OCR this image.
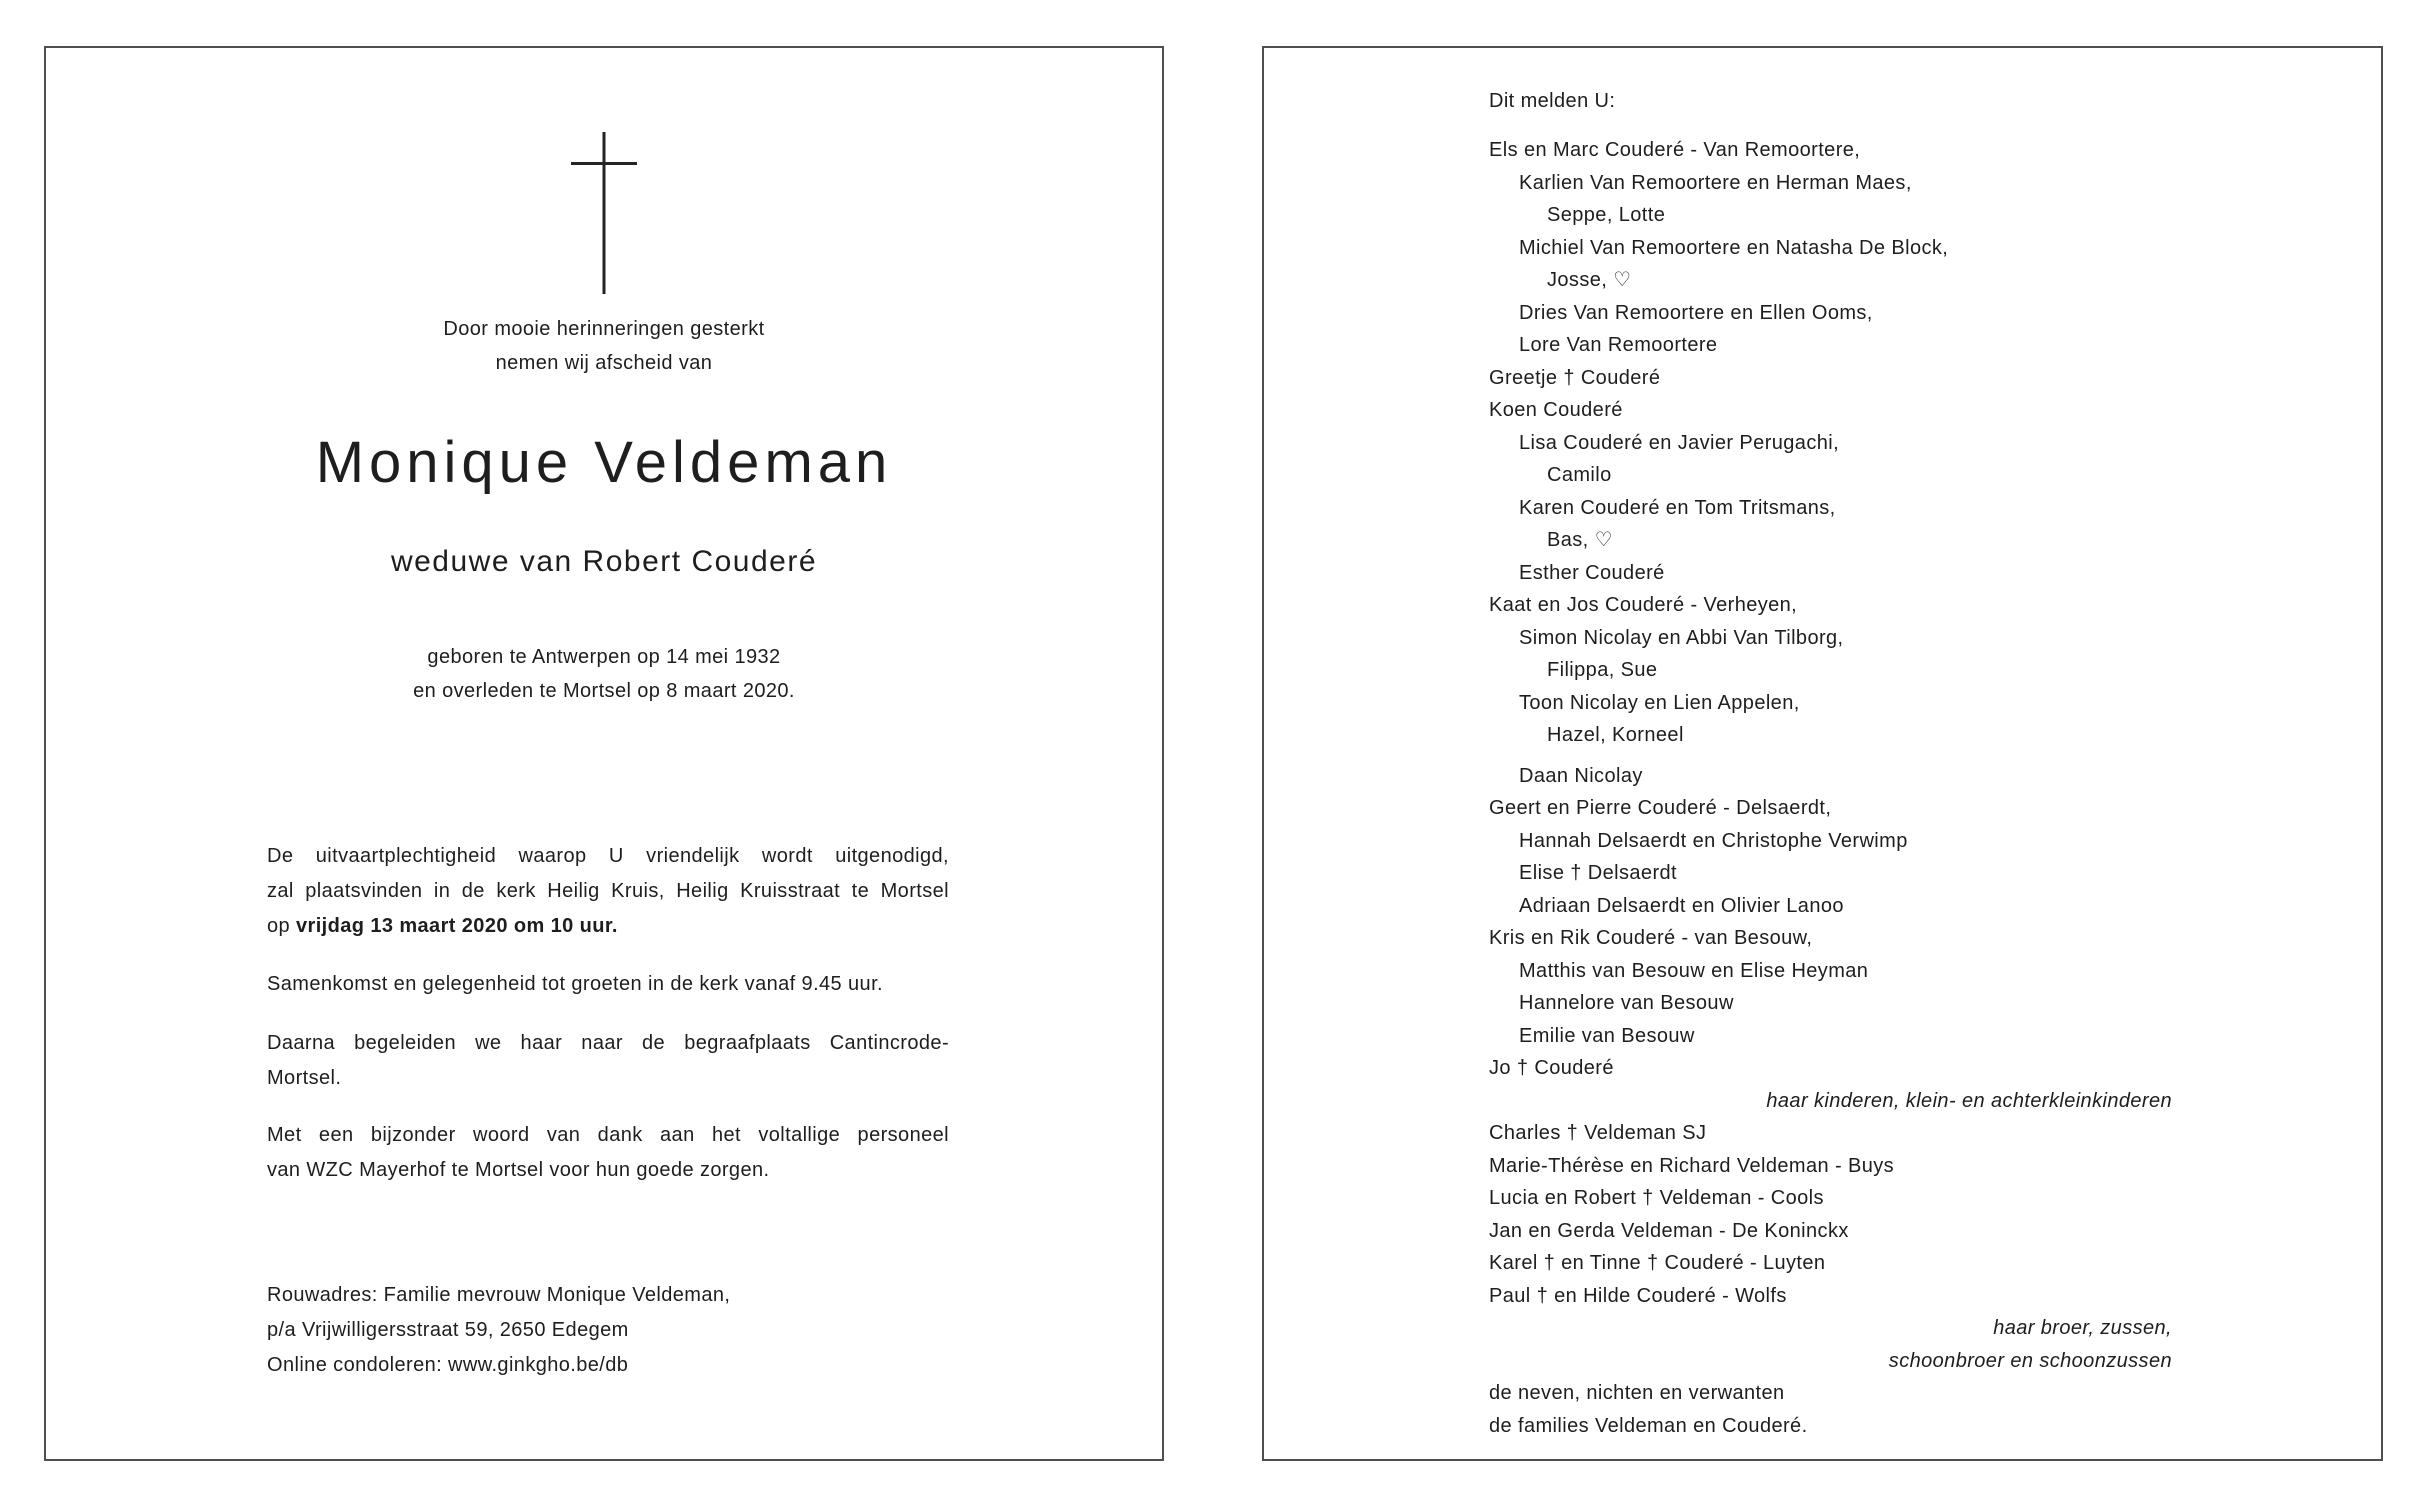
Door mooie herinneringen gesterkt
nemen wij afscheid van
Monique Veldeman
weduwe van Robert Couderé
geboren te Antwerpen op 14 mei 1932
en overleden te Mortsel op 8 maart 2020.
De uitvaartplechtigheid waarop U vriendelijk wordt uitgenodigd,
zal plaatsvinden in de kerk Heilig Kruis, Heilig Kruisstraat te Mortsel
op vrijdag 13 maart 2020 om 10 uur.
Samenkomst en gelegenheid tot groeten in de kerk vanaf 9.45 uur.
Daarna begeleiden we haar naar de begraafplaats Cantincrode-
Mortsel.
Met een bijzonder woord van dank aan het voltallige personeel
van WZC Mayerhof te Mortsel voor hun goede zorgen.
Rouwadres: Familie mevrouw Monique Veldeman,
p/a Vrijwilligersstraat 59, 2650 Edegem
Online condoleren: www.ginkgho.be/db
Dit melden U:
Els en Marc Couderé - Van Remoortere,
Karlien Van Remoortere en Herman Maes,
Seppe, Lotte
Michiel Van Remoortere en Natasha De Block,
Josse, ♡
Dries Van Remoortere en Ellen Ooms,
Lore Van Remoortere
Greetje † Couderé
Koen Couderé
Lisa Couderé en Javier Perugachi,
Camilo
Karen Couderé en Tom Tritsmans,
Bas, ♡
Esther Couderé
Kaat en Jos Couderé - Verheyen,
Simon Nicolay en Abbi Van Tilborg,
Filippa, Sue
Toon Nicolay en Lien Appelen,
Hazel, Korneel
Daan Nicolay
Geert en Pierre Couderé - Delsaerdt,
Hannah Delsaerdt en Christophe Verwimp
Elise † Delsaerdt
Adriaan Delsaerdt en Olivier Lanoo
Kris en Rik Couderé - van Besouw,
Matthis van Besouw en Elise Heyman
Hannelore van Besouw
Emilie van Besouw
Jo † Couderé
haar kinderen, klein- en achterkleinkinderen
Charles † Veldeman SJ
Marie-Thérèse en Richard Veldeman - Buys
Lucia en Robert † Veldeman - Cools
Jan en Gerda Veldeman - De Koninckx
Karel † en Tinne † Couderé - Luyten
Paul † en Hilde Couderé - Wolfs
haar broer, zussen,
schoonbroer en schoonzussen
de neven, nichten en verwanten
de families Veldeman en Couderé.
